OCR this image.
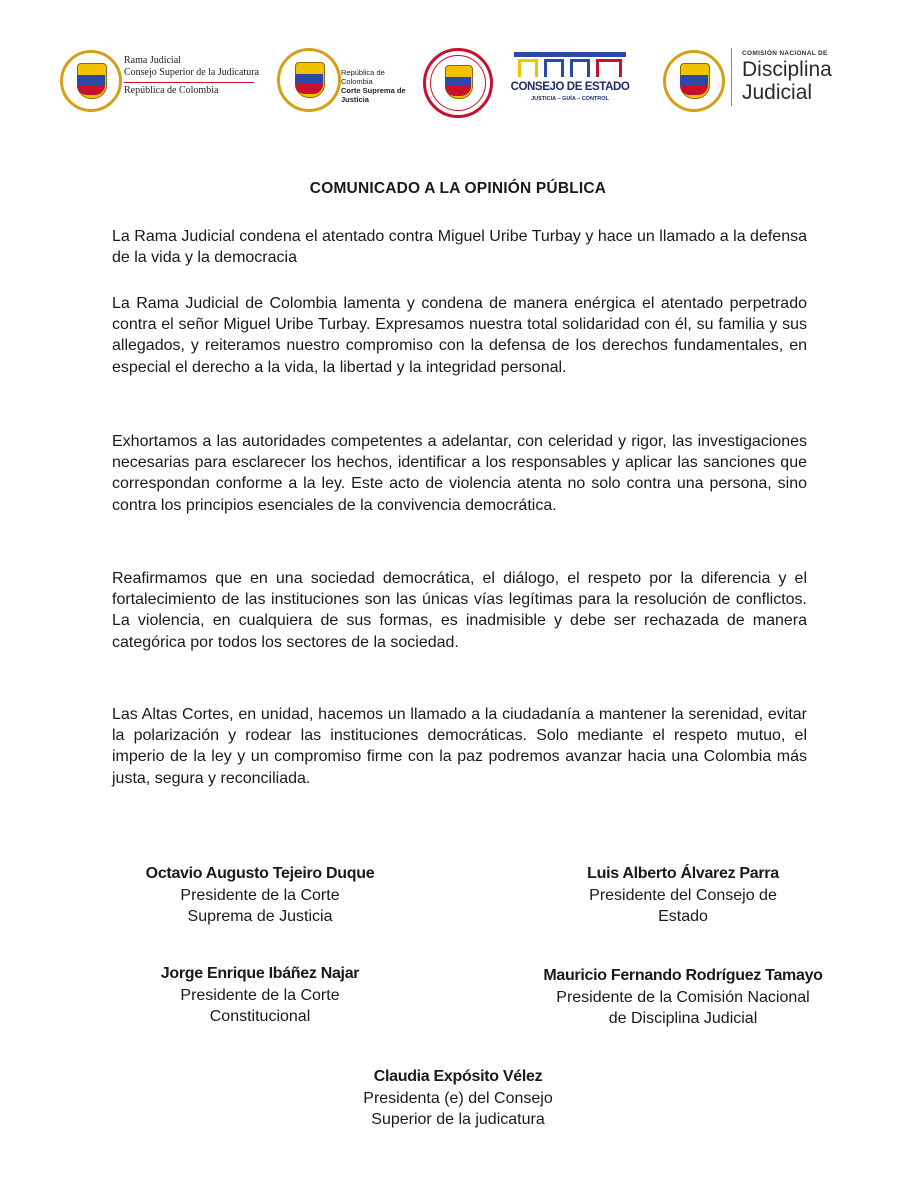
Rama Judicial
Consejo Superior de la Judicatura
República de Colombia
República de Colombia
Corte Suprema de Justicia
CONSEJO DE ESTADO
JUSTICIA – GUÍA – CONTROL
COMISIÓN NACIONAL DE
Disciplina
Judicial
COMUNICADO A LA OPINIÓN PÚBLICA

La Rama Judicial condena el atentado contra Miguel Uribe Turbay y hace un llamado a la defensa de la vida y la democracia

La Rama Judicial de Colombia lamenta y condena de manera enérgica el atentado perpetrado contra el señor Miguel Uribe Turbay. Expresamos nuestra total solidaridad con él, su familia y sus allegados, y reiteramos nuestro compromiso con la defensa de los derechos fundamentales, en especial el derecho a la vida, la libertad y la integridad personal.

Exhortamos a las autoridades competentes a adelantar, con celeridad y rigor, las investigaciones necesarias para esclarecer los hechos, identificar a los responsables y aplicar las sanciones que correspondan conforme a la ley. Este acto de violencia atenta no solo contra una persona, sino contra los principios esenciales de la convivencia democrática.

Reafirmamos que en una sociedad democrática, el diálogo, el respeto por la diferencia y el fortalecimiento de las instituciones son las únicas vías legítimas para la resolución de conflictos. La violencia, en cualquiera de sus formas, es inadmisible y debe ser rechazada de manera categórica por todos los sectores de la sociedad.

Las Altas Cortes, en unidad, hacemos un llamado a la ciudadanía a mantener la serenidad, evitar la polarización y rodear las instituciones democráticas. Solo mediante el respeto mutuo, el imperio de la ley y un compromiso firme con la paz podremos avanzar hacia una Colombia más justa, segura y reconciliada.

Octavio Augusto Tejeiro Duque
Presidente de la Corte
Suprema de Justicia
Luis Alberto Álvarez Parra
Presidente del Consejo de
Estado
Jorge Enrique Ibáñez Najar
Presidente de la Corte
Constitucional
Mauricio Fernando Rodríguez Tamayo
Presidente de la Comisión Nacional
de Disciplina Judicial
Claudia Expósito Vélez
Presidenta (e) del Consejo
Superior de la judicatura
